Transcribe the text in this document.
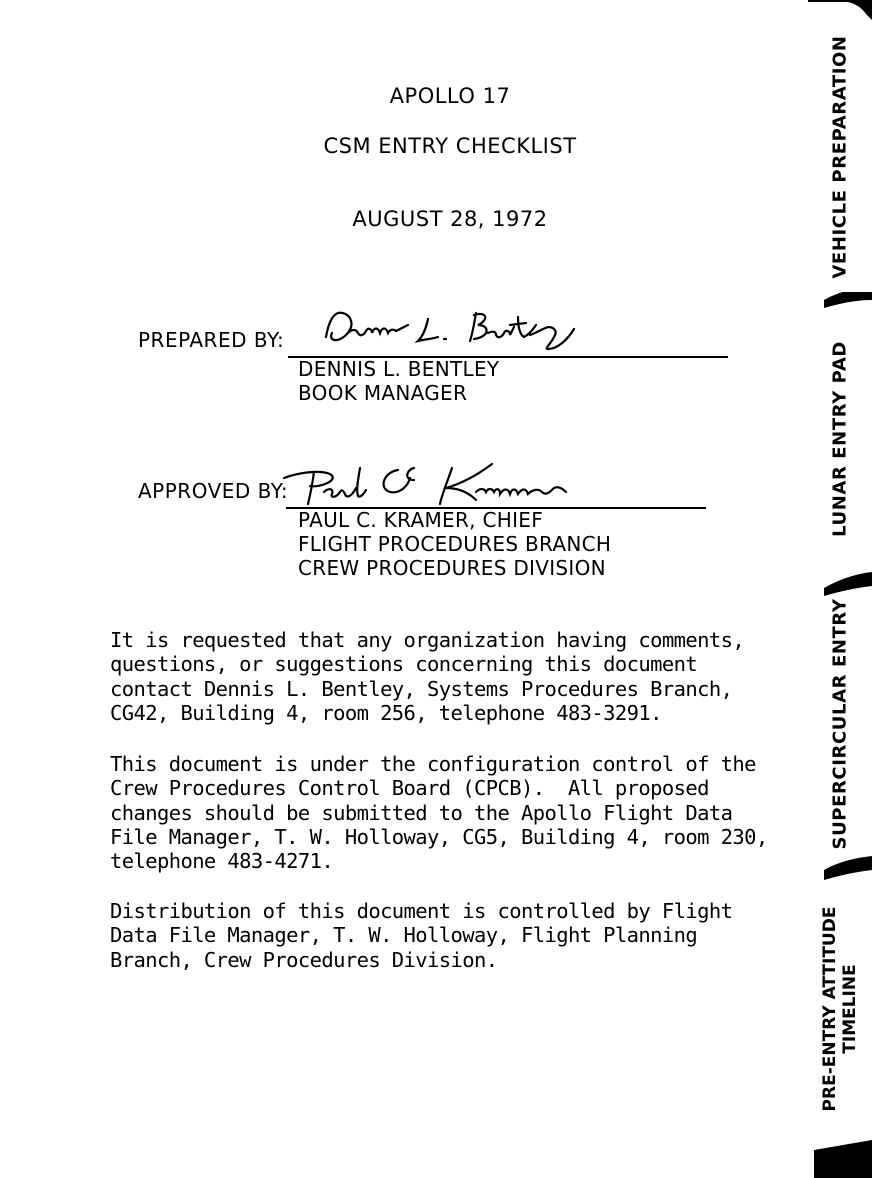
APOLLO 17
CSM ENTRY CHECKLIST
AUGUST 28, 1972
PREPARED BY:
DENNIS L. BENTLEY
BOOK MANAGER
APPROVED BY:
PAUL C. KRAMER, CHIEF
FLIGHT PROCEDURES BRANCH
CREW PROCEDURES DIVISION
It is requested that any organization having comments,
questions, or suggestions concerning this document
contact Dennis L. Bentley, Systems Procedures Branch,
CG42, Building 4, room 256, telephone 483-3291.
This document is under the configuration control of the
Crew Procedures Control Board (CPCB).  All proposed
changes should be submitted to the Apollo Flight Data
File Manager, T. W. Holloway, CG5, Building 4, room 230,
telephone 483-4271.
Distribution of this document is controlled by Flight
Data File Manager, T. W. Holloway, Flight Planning
Branch, Crew Procedures Division.
VEHICLE PREPARATION
LUNAR ENTRY PAD
SUPERCIRCULAR ENTRY
PRE-ENTRY ATTITUDE TIMELINE
